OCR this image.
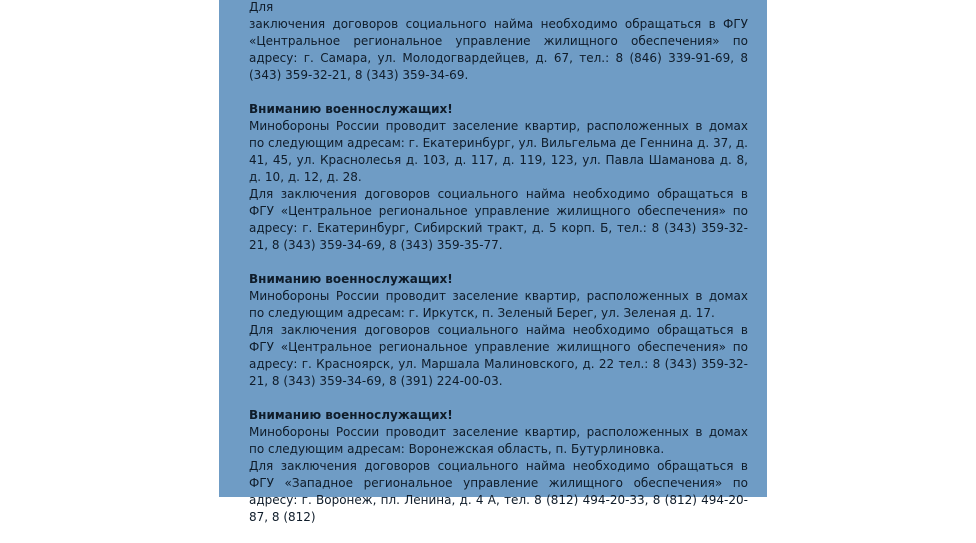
Для
заключения договоров социального найма необходимо обращаться в ФГУ «Центральное региональное управление жилищного обеспечения» по адресу: г. Самара, ул. Молодогвардейцев, д. 67, тел.: 8 (846) 339-91-69, 8 (343) 359-32-21, 8 (343) 359-34-69.
Вниманию военнослужащих!
Минобороны России проводит заселение квартир, расположенных в домах по следующим адресам: г. Екатеринбург, ул. Вильгельма де Геннина д. 37, д. 41, 45, ул. Краснолесья д. 103, д. 117, д. 119, 123, ул. Павла Шаманова д. 8, д. 10, д. 12, д. 28.
Для заключения договоров социального найма необходимо обращаться в ФГУ «Центральное региональное управление жилищного обеспечения» по адресу: г. Екатеринбург, Сибирский тракт, д. 5 корп. Б, тел.: 8 (343) 359-32-21, 8 (343) 359-34-69, 8 (343) 359-35-77.
Вниманию военнослужащих!
Минобороны России проводит заселение квартир, расположенных в домах по следующим адресам: г. Иркутск, п. Зеленый Берег, ул. Зеленая д. 17.
Для заключения договоров социального найма необходимо обращаться в ФГУ «Центральное региональное управление жилищного обеспечения» по адресу: г. Красноярск, ул. Маршала Малиновского, д. 22 тел.: 8 (343) 359-32-21, 8 (343) 359-34-69, 8 (391) 224-00-03.
Вниманию военнослужащих!
Минобороны России проводит заселение квартир, расположенных в домах по следующим адресам: Воронежская область, п. Бутурлиновка.
Для заключения договоров социального найма необходимо обращаться в ФГУ «Западное региональное управление жилищного обеспечения» по адресу: г. Воронеж, пл. Ленина, д. 4 А, тел. 8 (812) 494-20-33, 8 (812) 494-20-87, 8 (812)
